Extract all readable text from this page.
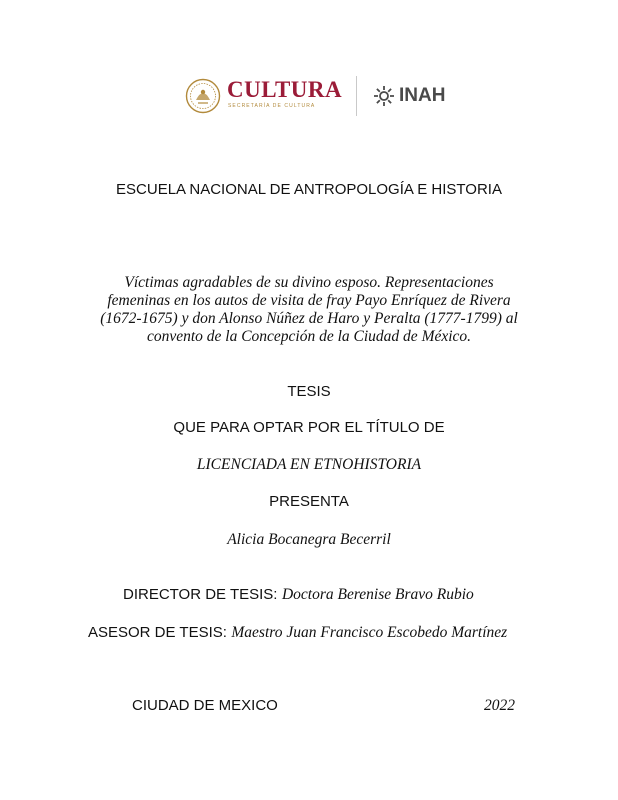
CULTURA
SECRETARÍA DE CULTURA	INAH
ESCUELA NACIONAL DE ANTROPOLOGÍA E HISTORIA
Víctimas agradables de su divino esposo. Representaciones
femeninas en los autos de visita de fray Payo Enríquez de Rivera
(1672-1675) y don Alonso Núñez de Haro y Peralta (1777-1799) al
convento de la Concepción de la Ciudad de México.
TESIS
QUE PARA OPTAR POR EL TÍTULO DE
LICENCIADA EN ETNOHISTORIA
PRESENTA
Alicia Bocanegra Becerril
DIRECTOR DE TESIS: Doctora Berenise Bravo Rubio
ASESOR DE TESIS: Maestro Juan Francisco Escobedo Martínez
CIUDAD DE MEXICO	2022
